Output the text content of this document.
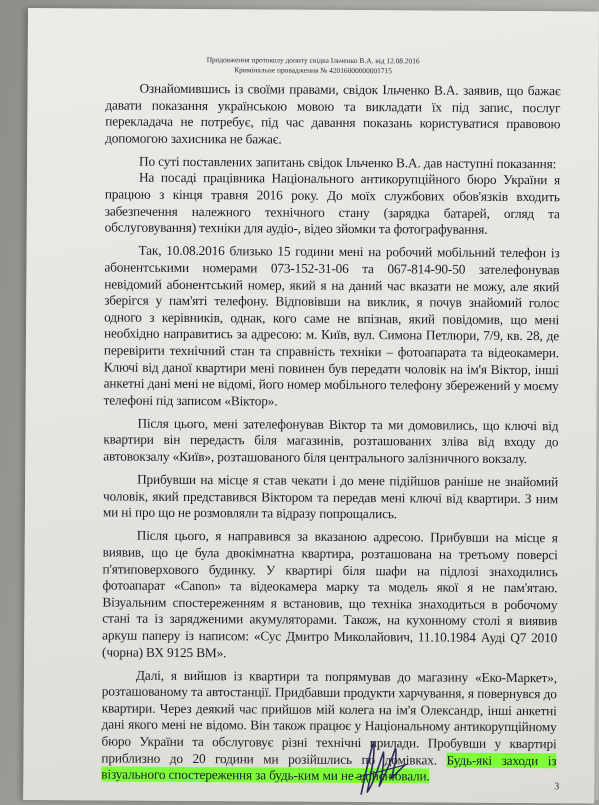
Продовження протоколу допиту свідка Ільченко В.А. від 12.08.2016
Кримінальне провадження № 42016000000001715

Ознайомившись із своїми правами, свідок Ільченко В.А. заявив, що бажає давати показання українською мовою та викладати їх під запис, послуг перекладача не потребує, під час давання показань користуватися правовою допомогою захисника не бажає.

По суті поставлених запитань свідок Ільченко В.А. дав наступні показання:

На посаді працівника Національного антикорупційного бюро України я працюю з кінця травня 2016 року. До моїх службових обов'язків входить забезпечення належного технічного стану (зарядка батарей, огляд та обслуговування) техніки для аудіо-, відео зйомки та фотографування.

Так, 10.08.2016 близько 15 години мені на робочий мобільний телефон із абонентськими номерами 073-152-31-06 та 067-814-90-50 зателефонував невідомий абонентський номер, який я на даний час вказати не можу, але який зберігся у пам'яті телефону. Відповівши на виклик, я почув знайомий голос одного з керівників, однак, кого саме не впізнав, який повідомив, що мені необхідно направитись за адресою: м. Київ, вул. Симона Петлюри, 7/9, кв. 28, де перевірити технічний стан та справність техніки – фотоапарата та відеокамери. Ключі від даної квартири мені повинен був передати чоловік на ім'я Віктор, інші анкетні дані мені не відомі, його номер мобільного телефону збережений у моєму телефоні під записом «Віктор».

Після цього, мені зателефонував Віктор та ми домовились, що ключі від квартири він передасть біля магазинів, розташованих зліва від входу до автовокзалу «Київ», розташованого біля центрального залізничного вокзалу.

Прибувши на місце я став чекати і до мене підійшов раніше не знайомий чоловік, який представився Віктором та передав мені ключі від квартири. З ним ми ні про що не розмовляли та відразу попрощались.

Після цього, я направився за вказаною адресою. Прибувши на місце я виявив, що це була двокімнатна квартира, розташована на третьому поверсі п'ятиповерхового будинку. У квартирі біля шафи на підлозі знаходились фотоапарат «Canon» та відеокамера марку та модель якої я не пам'ятаю. Візуальним спостереженням я встановив, що техніка знаходиться в робочому стані та із зарядженими акумуляторами. Також, на кухонному столі я виявив аркуш паперу із написом: «Сус Дмитро Миколайович, 11.10.1984 Ауді Q7 2010 (чорна) ВХ 9125 ВМ».

Далі, я вийшов із квартири та попрямував до магазину «Еко-Маркет», розташованому та автостанції. Придбавши продукти харчування, я повернувся до квартири. Через деякий час прийшов мій колега на ім'я Олександр, інші анкетні дані якого мені не відомо. Він також працює у Національному антикорупційному бюро України та обслуговує різні технічні прилади. Пробувши у квартирі приблизно до 20 години ми розійшлись по домівках. Будь-які заходи із візуального спостереження за будь-ким ми не здійснювали.

3
